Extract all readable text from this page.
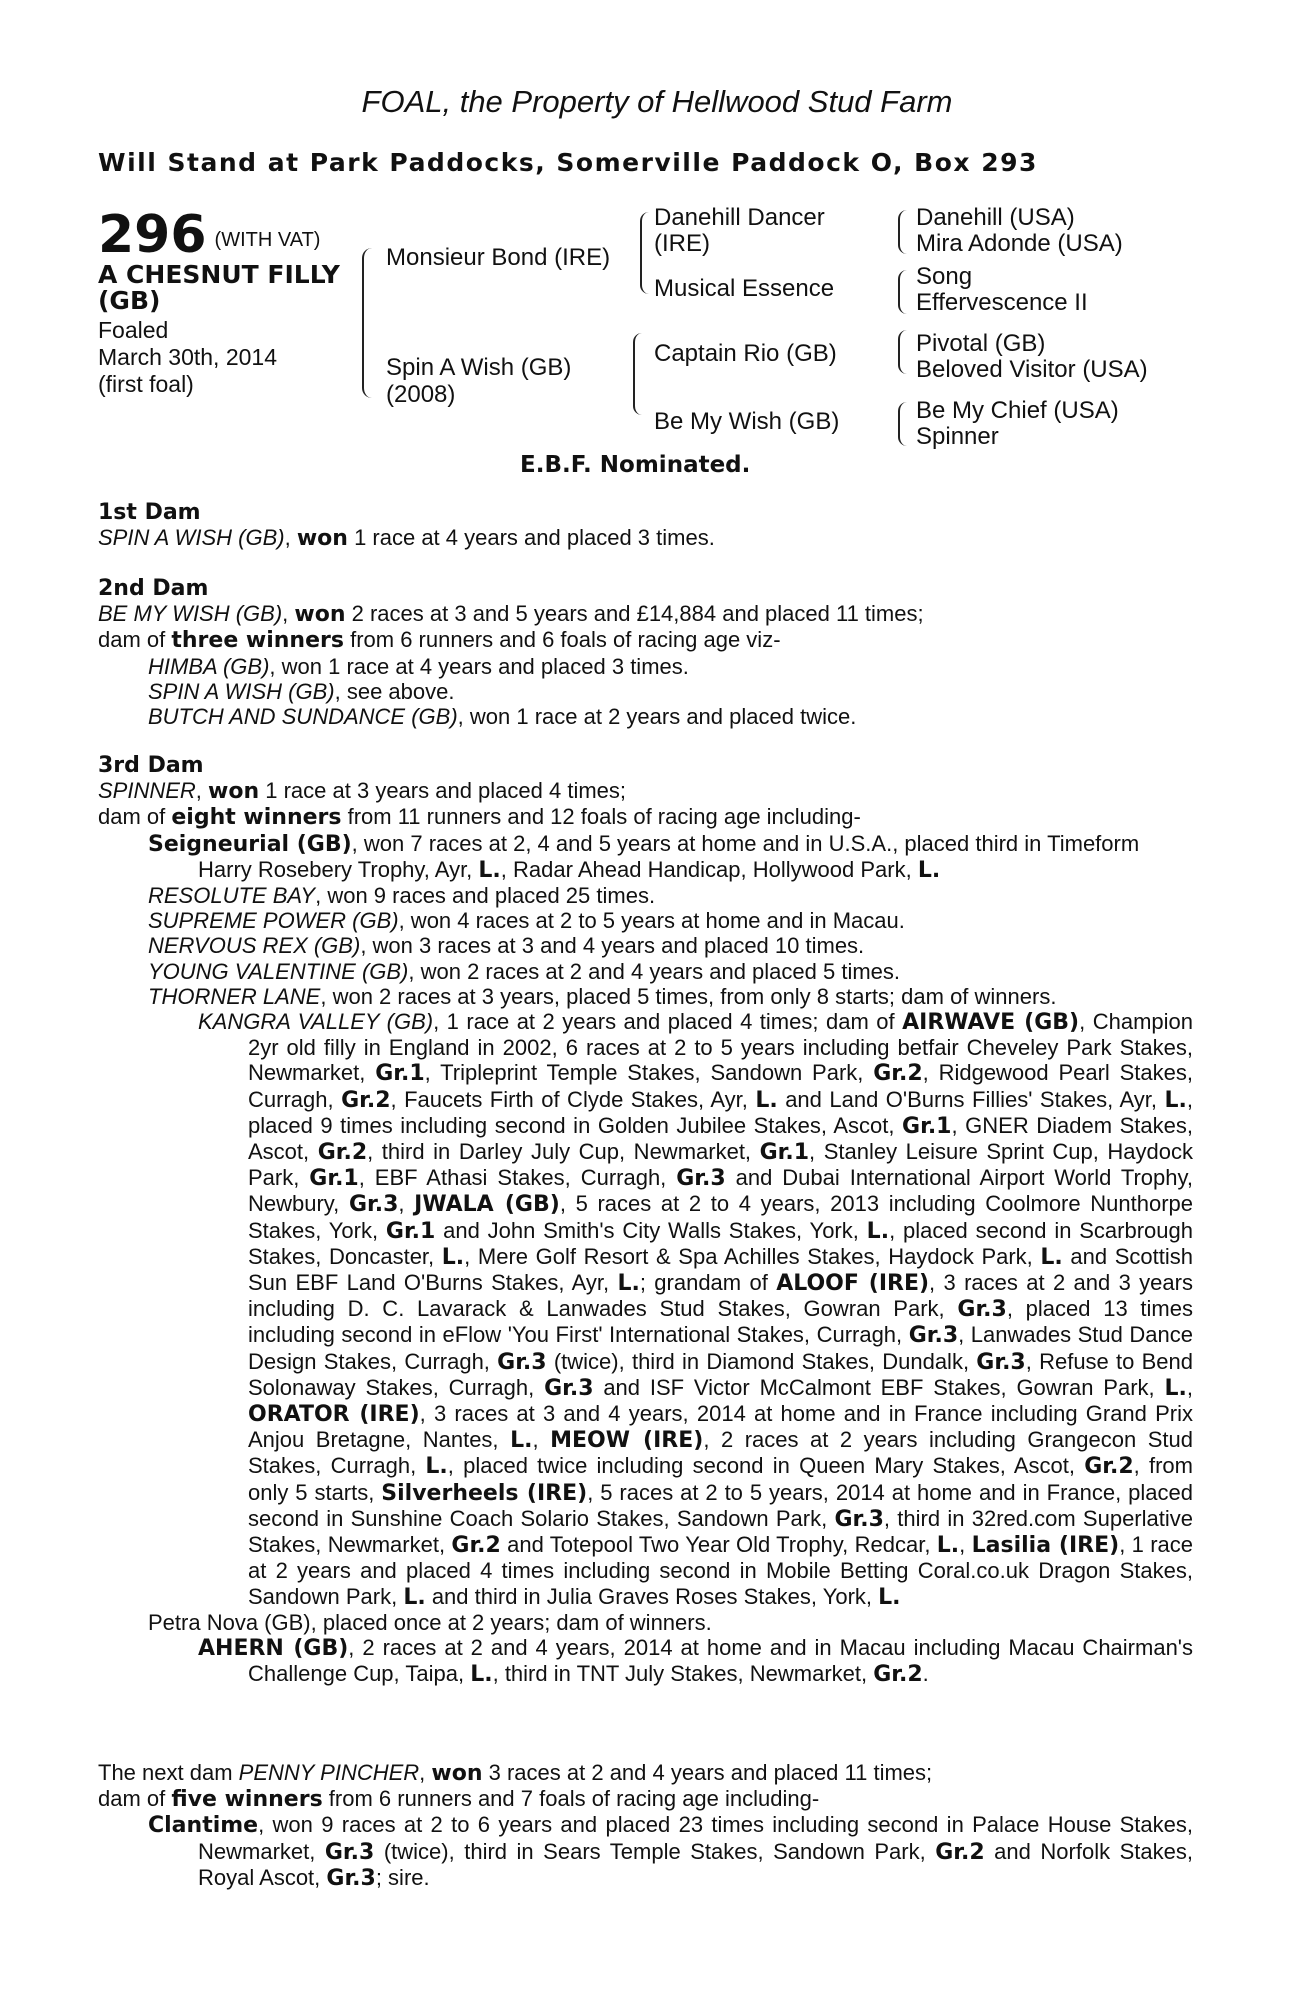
FOAL, the Property of Hellwood Stud Farm
Will Stand at Park Paddocks, Somerville Paddock O, Box 293
296 (WITH VAT)
A CHESNUT FILLY
(GB)
Foaled
March 30th, 2014
(first foal)
Monsieur Bond (IRE)
Spin A Wish (GB)
(2008)
Danehill Dancer
(IRE)
Musical Essence
Captain Rio (GB)
Be My Wish (GB)
Danehill (USA)
Mira Adonde (USA)
Song
Effervescence II
Pivotal (GB)
Beloved Visitor (USA)
Be My Chief (USA)
Spinner
E.B.F. Nominated.
1st Dam

SPIN A WISH (GB), won 1 race at 4 years and placed 3 times.

2nd Dam

BE MY WISH (GB), won 2 races at 3 and 5 years and £14,884 and placed 11 times;

dam of three winners from 6 runners and 6 foals of racing age viz-

HIMBA (GB), won 1 race at 4 years and placed 3 times.

SPIN A WISH (GB), see above.

BUTCH AND SUNDANCE (GB), won 1 race at 2 years and placed twice.

3rd Dam

SPINNER, won 1 race at 3 years and placed 4 times;

dam of eight winners from 11 runners and 12 foals of racing age including-

Seigneurial (GB), won 7 races at 2, 4 and 5 years at home and in U.S.A., placed third in Timeform Harry Rosebery Trophy, Ayr, L., Radar Ahead Handicap, Hollywood Park, L.

RESOLUTE BAY, won 9 races and placed 25 times.

SUPREME POWER (GB), won 4 races at 2 to 5 years at home and in Macau.

NERVOUS REX (GB), won 3 races at 3 and 4 years and placed 10 times.

YOUNG VALENTINE (GB), won 2 races at 2 and 4 years and placed 5 times.

THORNER LANE, won 2 races at 3 years, placed 5 times, from only 8 starts; dam of winners.

KANGRA VALLEY (GB), 1 race at 2 years and placed 4 times; dam of AIRWAVE (GB), Champion 2yr old filly in England in 2002, 6 races at 2 to 5 years including betfair Cheveley Park Stakes, Newmarket, Gr.1, Tripleprint Temple Stakes, Sandown Park, Gr.2, Ridgewood Pearl Stakes, Curragh, Gr.2, Faucets Firth of Clyde Stakes, Ayr, L. and Land O'Burns Fillies' Stakes, Ayr, L., placed 9 times including second in Golden Jubilee Stakes, Ascot, Gr.1, GNER Diadem Stakes, Ascot, Gr.2, third in Darley July Cup, Newmarket, Gr.1, Stanley Leisure Sprint Cup, Haydock Park, Gr.1, EBF Athasi Stakes, Curragh, Gr.3 and Dubai International Airport World Trophy, Newbury, Gr.3, JWALA (GB), 5 races at 2 to 4 years, 2013 including Coolmore Nunthorpe Stakes, York, Gr.1 and John Smith's City Walls Stakes, York, L., placed second in Scarbrough Stakes, Doncaster, L., Mere Golf Resort & Spa Achilles Stakes, Haydock Park, L. and Scottish Sun EBF Land O'Burns Stakes, Ayr, L.; grandam of ALOOF (IRE), 3 races at 2 and 3 years including D. C. Lavarack & Lanwades Stud Stakes, Gowran Park, Gr.3, placed 13 times including second in eFlow 'You First' International Stakes, Curragh, Gr.3, Lanwades Stud Dance Design Stakes, Curragh, Gr.3 (twice), third in Diamond Stakes, Dundalk, Gr.3, Refuse to Bend Solonaway Stakes, Curragh, Gr.3 and ISF Victor McCalmont EBF Stakes, Gowran Park, L., ORATOR (IRE), 3 races at 3 and 4 years, 2014 at home and in France including Grand Prix Anjou Bretagne, Nantes, L., MEOW (IRE), 2 races at 2 years including Grangecon Stud Stakes, Curragh, L., placed twice including second in Queen Mary Stakes, Ascot, Gr.2, from only 5 starts, Silverheels (IRE), 5 races at 2 to 5 years, 2014 at home and in France, placed second in Sunshine Coach Solario Stakes, Sandown Park, Gr.3, third in 32red.com Superlative Stakes, Newmarket, Gr.2 and Totepool Two Year Old Trophy, Redcar, L., Lasilia (IRE), 1 race at 2 years and placed 4 times including second in Mobile Betting Coral.co.uk Dragon Stakes, Sandown Park, L. and third in Julia Graves Roses Stakes, York, L.

Petra Nova (GB), placed once at 2 years; dam of winners.

AHERN (GB), 2 races at 2 and 4 years, 2014 at home and in Macau including Macau Chairman's Challenge Cup, Taipa, L., third in TNT July Stakes, Newmarket, Gr.2.

The next dam PENNY PINCHER, won 3 races at 2 and 4 years and placed 11 times;

dam of five winners from 6 runners and 7 foals of racing age including-

Clantime, won 9 races at 2 to 6 years and placed 23 times including second in Palace House Stakes, Newmarket, Gr.3 (twice), third in Sears Temple Stakes, Sandown Park, Gr.2 and Norfolk Stakes, Royal Ascot, Gr.3; sire.
